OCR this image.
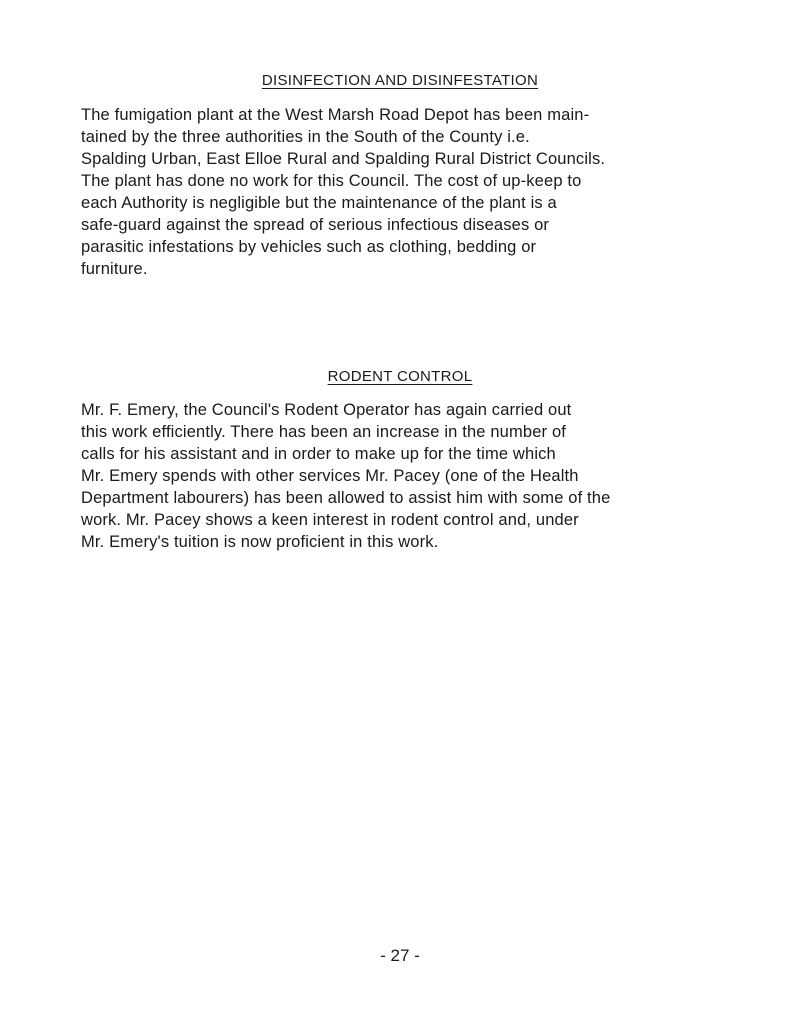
DISINFECTION AND DISINFESTATION

The fumigation plant at the West Marsh Road Depot has been main-
tained by the three authorities in the South of the County i.e.
Spalding Urban, East Elloe Rural and Spalding Rural District Councils.
The plant has done no work for this Council. The cost of up-keep to
each Authority is negligible but the maintenance of the plant is a
safe-guard against the spread of serious infectious diseases or
parasitic infestations by vehicles such as clothing, bedding or
furniture.

RODENT CONTROL

Mr. F. Emery, the Council's Rodent Operator has again carried out
this work efficiently. There has been an increase in the number of
calls for his assistant and in order to make up for the time which
Mr. Emery spends with other services Mr. Pacey (one of the Health
Department labourers) has been allowed to assist him with some of the
work. Mr. Pacey shows a keen interest in rodent control and, under
Mr. Emery's tuition is now proficient in this work.

- 27 -
